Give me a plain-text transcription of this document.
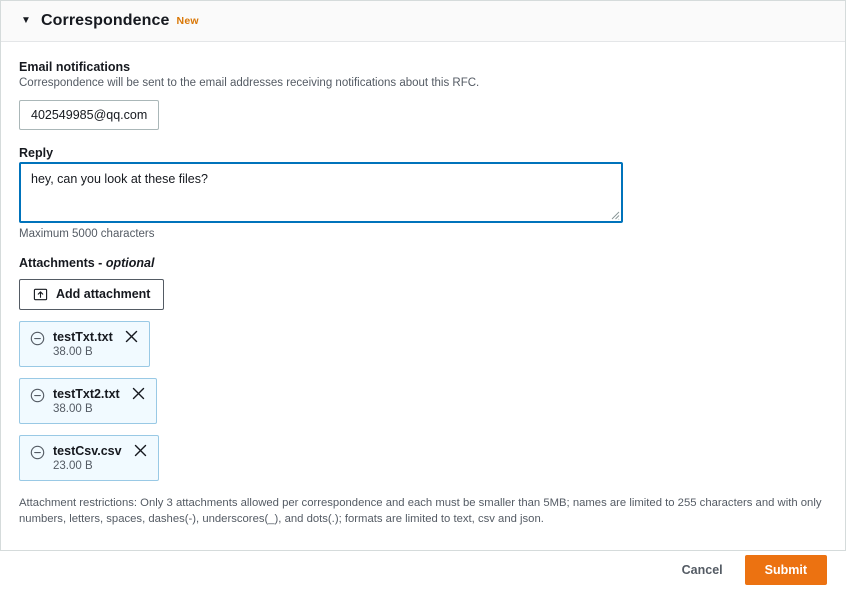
▼ Correspondence New
Email notifications
Correspondence will be sent to the email addresses receiving notifications about this RFC.
402549985@qq.com
Reply
hey, can you look at these files?
Maximum 5000 characters
Attachments - optional
Add attachment
testTxt.txt
38.00 B
testTxt2.txt
38.00 B
testCsv.csv
23.00 B
Attachment restrictions: Only 3 attachments allowed per correspondence and each must be smaller than 5MB; names are limited to 255 characters and with only numbers, letters, spaces, dashes(-), underscores(_), and dots(.); formats are limited to text, csv and json.
Cancel	Submit
